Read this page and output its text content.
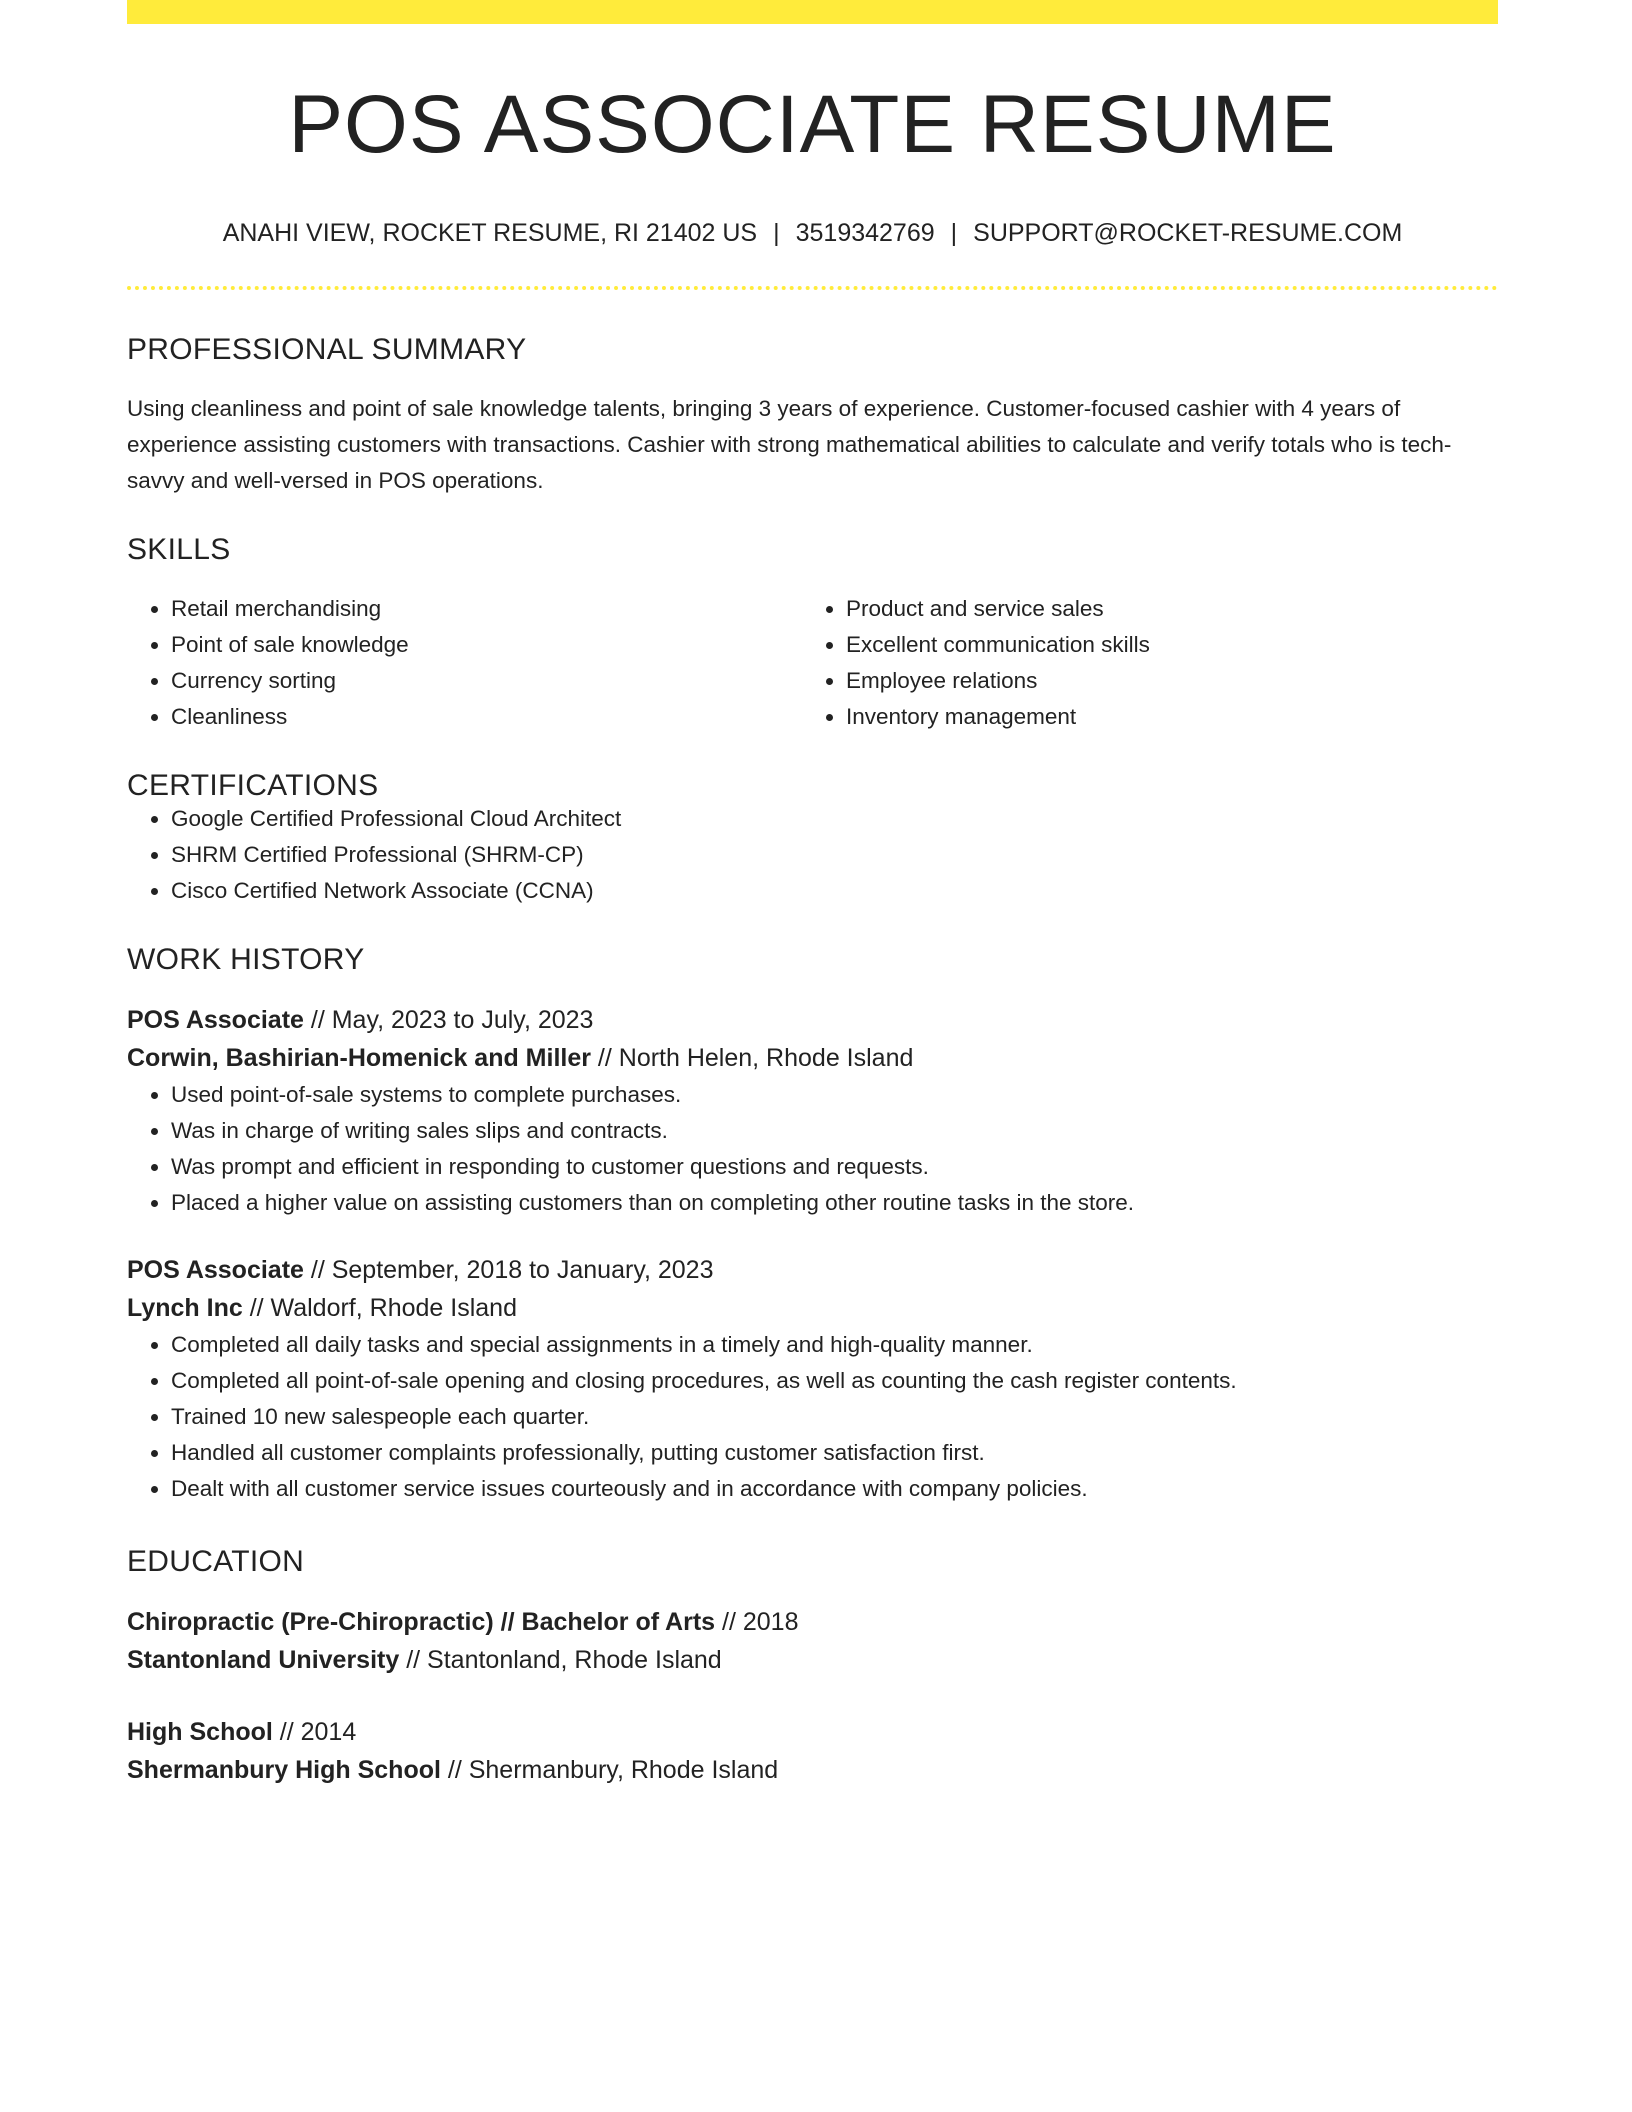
POS ASSOCIATE RESUME
ANAHI VIEW, ROCKET RESUME, RI 21402 US | 3519342769 | SUPPORT@ROCKET-RESUME.COM
PROFESSIONAL SUMMARY
Using cleanliness and point of sale knowledge talents, bringing 3 years of experience. Customer-focused cashier with 4 years of experience assisting customers with transactions. Cashier with strong mathematical abilities to calculate and verify totals who is tech-savvy and well-versed in POS operations.
SKILLS
• Retail merchandising
• Point of sale knowledge
• Currency sorting
• Cleanliness
• Product and service sales
• Excellent communication skills
• Employee relations
• Inventory management
CERTIFICATIONS
• Google Certified Professional Cloud Architect
• SHRM Certified Professional (SHRM-CP)
• Cisco Certified Network Associate (CCNA)
WORK HISTORY
POS Associate // May, 2023 to July, 2023
Corwin, Bashirian-Homenick and Miller // North Helen, Rhode Island
• Used point-of-sale systems to complete purchases.
• Was in charge of writing sales slips and contracts.
• Was prompt and efficient in responding to customer questions and requests.
• Placed a higher value on assisting customers than on completing other routine tasks in the store.
POS Associate // September, 2018 to January, 2023
Lynch Inc // Waldorf, Rhode Island
• Completed all daily tasks and special assignments in a timely and high-quality manner.
• Completed all point-of-sale opening and closing procedures, as well as counting the cash register contents.
• Trained 10 new salespeople each quarter.
• Handled all customer complaints professionally, putting customer satisfaction first.
• Dealt with all customer service issues courteously and in accordance with company policies.
EDUCATION
Chiropractic (Pre-Chiropractic) // Bachelor of Arts // 2018
Stantonland University // Stantonland, Rhode Island
High School // 2014
Shermanbury High School // Shermanbury, Rhode Island
